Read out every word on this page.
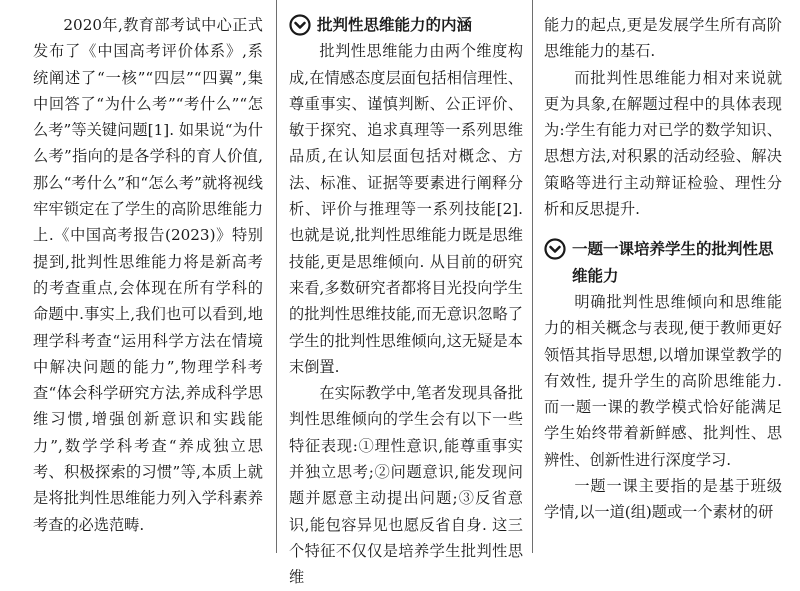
2020年,教育部考试中心正式发布了《中国高考评价体系》,系统阐述了“一核”“四层”“四翼”,集中回答了“为什么考”“考什么”“怎么考”等关键问题[1]. 如果说“为什么考”指向的是各学科的育人价值,那么“考什么”和“怎么考”就将视线牢牢锁定在了学生的高阶思维能力上.《中国高考报告(2023)》特别提到,批判性思维能力将是新高考的考查重点,会体现在所有学科的命题中.事实上,我们也可以看到,地理学科考查“运用科学方法在情境中解决问题的能力”,物理学科考查“体会科学研究方法,养成科学思维习惯,增强创新意识和实践能力”,数学学科考查“养成独立思考、积极探索的习惯”等,本质上就是将批判性思维能力列入学科素养考查的必选范畴.

批判性思维能力的内涵

批判性思维能力由两个维度构成,在情感态度层面包括相信理性、尊重事实、谨慎判断、公正评价、敏于探究、追求真理等一系列思维品质,在认知层面包括对概念、方法、标准、证据等要素进行阐释分析、评价与推理等一系列技能[2]. 也就是说,批判性思维能力既是思维技能,更是思维倾向. 从目前的研究来看,多数研究者都将目光投向学生的批判性思维技能,而无意识忽略了学生的批判性思维倾向,这无疑是本末倒置.

在实际教学中,笔者发现具备批判性思维倾向的学生会有以下一些特征表现:①理性意识,能尊重事实并独立思考;②问题意识,能发现问题并愿意主动提出问题;③反省意识,能包容异见也愿反省自身. 这三个特征不仅仅是培养学生批判性思维

能力的起点,更是发展学生所有高阶思维能力的基石.

而批判性思维能力相对来说就更为具象,在解题过程中的具体表现为:学生有能力对已学的数学知识、思想方法,对积累的活动经验、解决策略等进行主动辩证检验、理性分析和反思提升.

一题一课培养学生的批判性思维能力

明确批判性思维倾向和思维能力的相关概念与表现,便于教师更好领悟其指导思想,以增加课堂教学的有效性, 提升学生的高阶思维能力. 而一题一课的教学模式恰好能满足学生始终带着新鲜感、批判性、思辨性、创新性进行深度学习.

一题一课主要指的是基于班级学情,以一道(组)题或一个素材的研
